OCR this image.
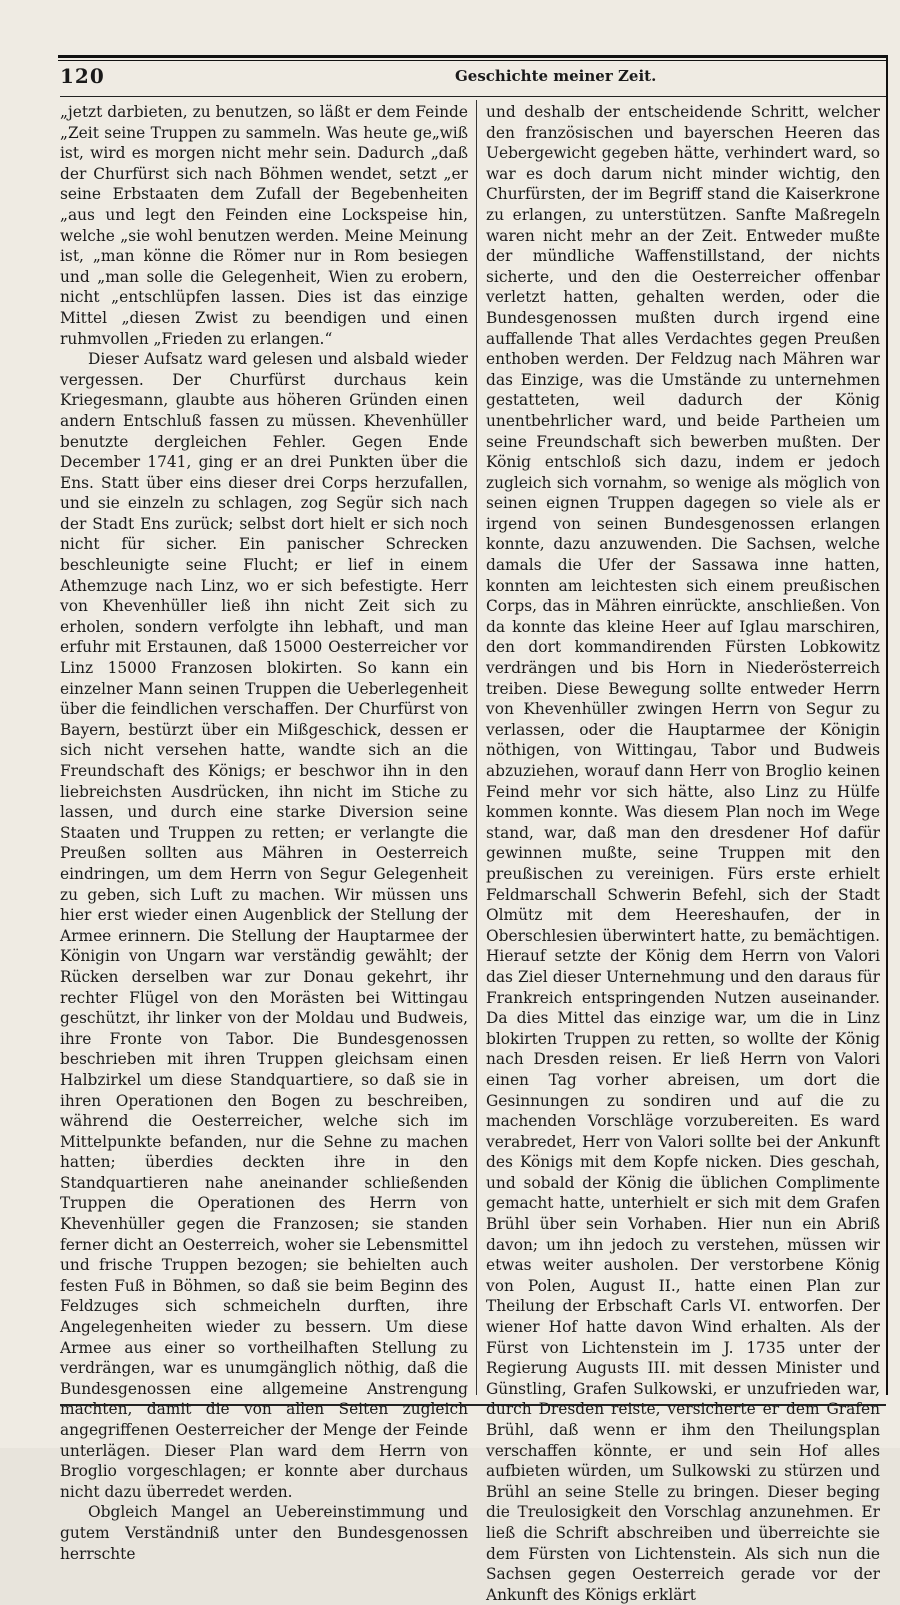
120	Geschichte meiner Zeit.

„jetzt darbieten, zu benutzen, so läßt er dem Feinde „Zeit seine Truppen zu sammeln. Was heute ge„wiß ist, wird es morgen nicht mehr sein. Dadurch „daß der Churfürst sich nach Böhmen wendet, setzt „er seine Erbstaaten dem Zufall der Begebenheiten „aus und legt den Feinden eine Lockspeise hin, welche „sie wohl benutzen werden. Meine Meinung ist, „man könne die Römer nur in Rom besiegen und „man solle die Gelegenheit, Wien zu erobern, nicht „entschlüpfen lassen. Dies ist das einzige Mittel „diesen Zwist zu beendigen und einen ruhmvollen „Frieden zu erlangen.“

Dieser Aufsatz ward gelesen und alsbald wieder vergessen. Der Churfürst durchaus kein Kriegesmann, glaubte aus höheren Gründen einen andern Entschluß fassen zu müssen. Khevenhüller benutzte dergleichen Fehler. Gegen Ende December 1741, ging er an drei Punkten über die Ens. Statt über eins dieser drei Corps herzufallen, und sie einzeln zu schlagen, zog Segür sich nach der Stadt Ens zurück; selbst dort hielt er sich noch nicht für sicher. Ein panischer Schrecken beschleunigte seine Flucht; er lief in einem Athemzuge nach Linz, wo er sich befestigte. Herr von Khevenhüller ließ ihn nicht Zeit sich zu erholen, sondern verfolgte ihn lebhaft, und man erfuhr mit Erstaunen, daß 15000 Oesterreicher vor Linz 15000 Franzosen blokirten. So kann ein einzelner Mann seinen Truppen die Ueberlegenheit über die feindlichen verschaffen. Der Churfürst von Bayern, bestürzt über ein Mißgeschick, dessen er sich nicht versehen hatte, wandte sich an die Freundschaft des Königs; er beschwor ihn in den liebreichsten Ausdrücken, ihn nicht im Stiche zu lassen, und durch eine starke Diversion seine Staaten und Truppen zu retten; er verlangte die Preußen sollten aus Mähren in Oesterreich eindringen, um dem Herrn von Segur Gelegenheit zu geben, sich Luft zu machen. Wir müssen uns hier erst wieder einen Augenblick der Stellung der Armee erinnern. Die Stellung der Hauptarmee der Königin von Ungarn war verständig gewählt; der Rücken derselben war zur Donau gekehrt, ihr rechter Flügel von den Morästen bei Wittingau geschützt, ihr linker von der Moldau und Budweis, ihre Fronte von Tabor. Die Bundesgenossen beschrieben mit ihren Truppen gleichsam einen Halbzirkel um diese Standquartiere, so daß sie in ihren Operationen den Bogen zu beschreiben, während die Oesterreicher, welche sich im Mittelpunkte befanden, nur die Sehne zu machen hatten; überdies deckten ihre in den Standquartieren nahe aneinander schließenden Truppen die Operationen des Herrn von Khevenhüller gegen die Franzosen; sie standen ferner dicht an Oesterreich, woher sie Lebensmittel und frische Truppen bezogen; sie behielten auch festen Fuß in Böhmen, so daß sie beim Beginn des Feldzuges sich schmeicheln durften, ihre Angelegenheiten wieder zu bessern. Um diese Armee aus einer so vortheilhaften Stellung zu verdrängen, war es unumgänglich nöthig, daß die Bundesgenossen eine allgemeine Anstrengung machten, damit die von allen Seiten zugleich angegriffenen Oesterreicher der Menge der Feinde unterlägen. Dieser Plan ward dem Herrn von Broglio vorgeschlagen; er konnte aber durchaus nicht dazu überredet werden.

Obgleich Mangel an Uebereinstimmung und gutem Verständniß unter den Bundesgenossen herrschte

und deshalb der entscheidende Schritt, welcher den französischen und bayerschen Heeren das Uebergewicht gegeben hätte, verhindert ward, so war es doch darum nicht minder wichtig, den Churfürsten, der im Begriff stand die Kaiserkrone zu erlangen, zu unterstützen. Sanfte Maßregeln waren nicht mehr an der Zeit. Entweder mußte der mündliche Waffenstillstand, der nichts sicherte, und den die Oesterreicher offenbar verletzt hatten, gehalten werden, oder die Bundesgenossen mußten durch irgend eine auffallende That alles Verdachtes gegen Preußen enthoben werden. Der Feldzug nach Mähren war das Einzige, was die Umstände zu unternehmen gestatteten, weil dadurch der König unentbehrlicher ward, und beide Partheien um seine Freundschaft sich bewerben mußten. Der König entschloß sich dazu, indem er jedoch zugleich sich vornahm, so wenige als möglich von seinen eignen Truppen dagegen so viele als er irgend von seinen Bundesgenossen erlangen konnte, dazu anzuwenden. Die Sachsen, welche damals die Ufer der Sassawa inne hatten, konnten am leichtesten sich einem preußischen Corps, das in Mähren einrückte, anschließen. Von da konnte das kleine Heer auf Iglau marschiren, den dort kommandirenden Fürsten Lobkowitz verdrängen und bis Horn in Niederösterreich treiben. Diese Bewegung sollte entweder Herrn von Khevenhüller zwingen Herrn von Segur zu verlassen, oder die Hauptarmee der Königin nöthigen, von Wittingau, Tabor und Budweis abzuziehen, worauf dann Herr von Broglio keinen Feind mehr vor sich hätte, also Linz zu Hülfe kommen konnte. Was diesem Plan noch im Wege stand, war, daß man den dresdener Hof dafür gewinnen mußte, seine Truppen mit den preußischen zu vereinigen. Fürs erste erhielt Feldmarschall Schwerin Befehl, sich der Stadt Olmütz mit dem Heereshaufen, der in Oberschlesien überwintert hatte, zu bemächtigen. Hierauf setzte der König dem Herrn von Valori das Ziel dieser Unternehmung und den daraus für Frankreich entspringenden Nutzen auseinander. Da dies Mittel das einzige war, um die in Linz blokirten Truppen zu retten, so wollte der König nach Dresden reisen. Er ließ Herrn von Valori einen Tag vorher abreisen, um dort die Gesinnungen zu sondiren und auf die zu machenden Vorschläge vorzubereiten. Es ward verabredet, Herr von Valori sollte bei der Ankunft des Königs mit dem Kopfe nicken. Dies geschah, und sobald der König die üblichen Complimente gemacht hatte, unterhielt er sich mit dem Grafen Brühl über sein Vorhaben. Hier nun ein Abriß davon; um ihn jedoch zu verstehen, müssen wir etwas weiter ausholen. Der verstorbene König von Polen, August II., hatte einen Plan zur Theilung der Erbschaft Carls VI. entworfen. Der wiener Hof hatte davon Wind erhalten. Als der Fürst von Lichtenstein im J. 1735 unter der Regierung Augusts III. mit dessen Minister und Günstling, Grafen Sulkowski, er unzufrieden war, durch Dresden reiste, versicherte er dem Grafen Brühl, daß wenn er ihm den Theilungsplan verschaffen könnte, er und sein Hof alles aufbieten würden, um Sulkowski zu stürzen und Brühl an seine Stelle zu bringen. Dieser beging die Treulosigkeit den Vorschlag anzunehmen. Er ließ die Schrift abschreiben und überreichte sie dem Fürsten von Lichtenstein. Als sich nun die Sachsen gegen Oesterreich gerade vor der Ankunft des Königs erklärt
